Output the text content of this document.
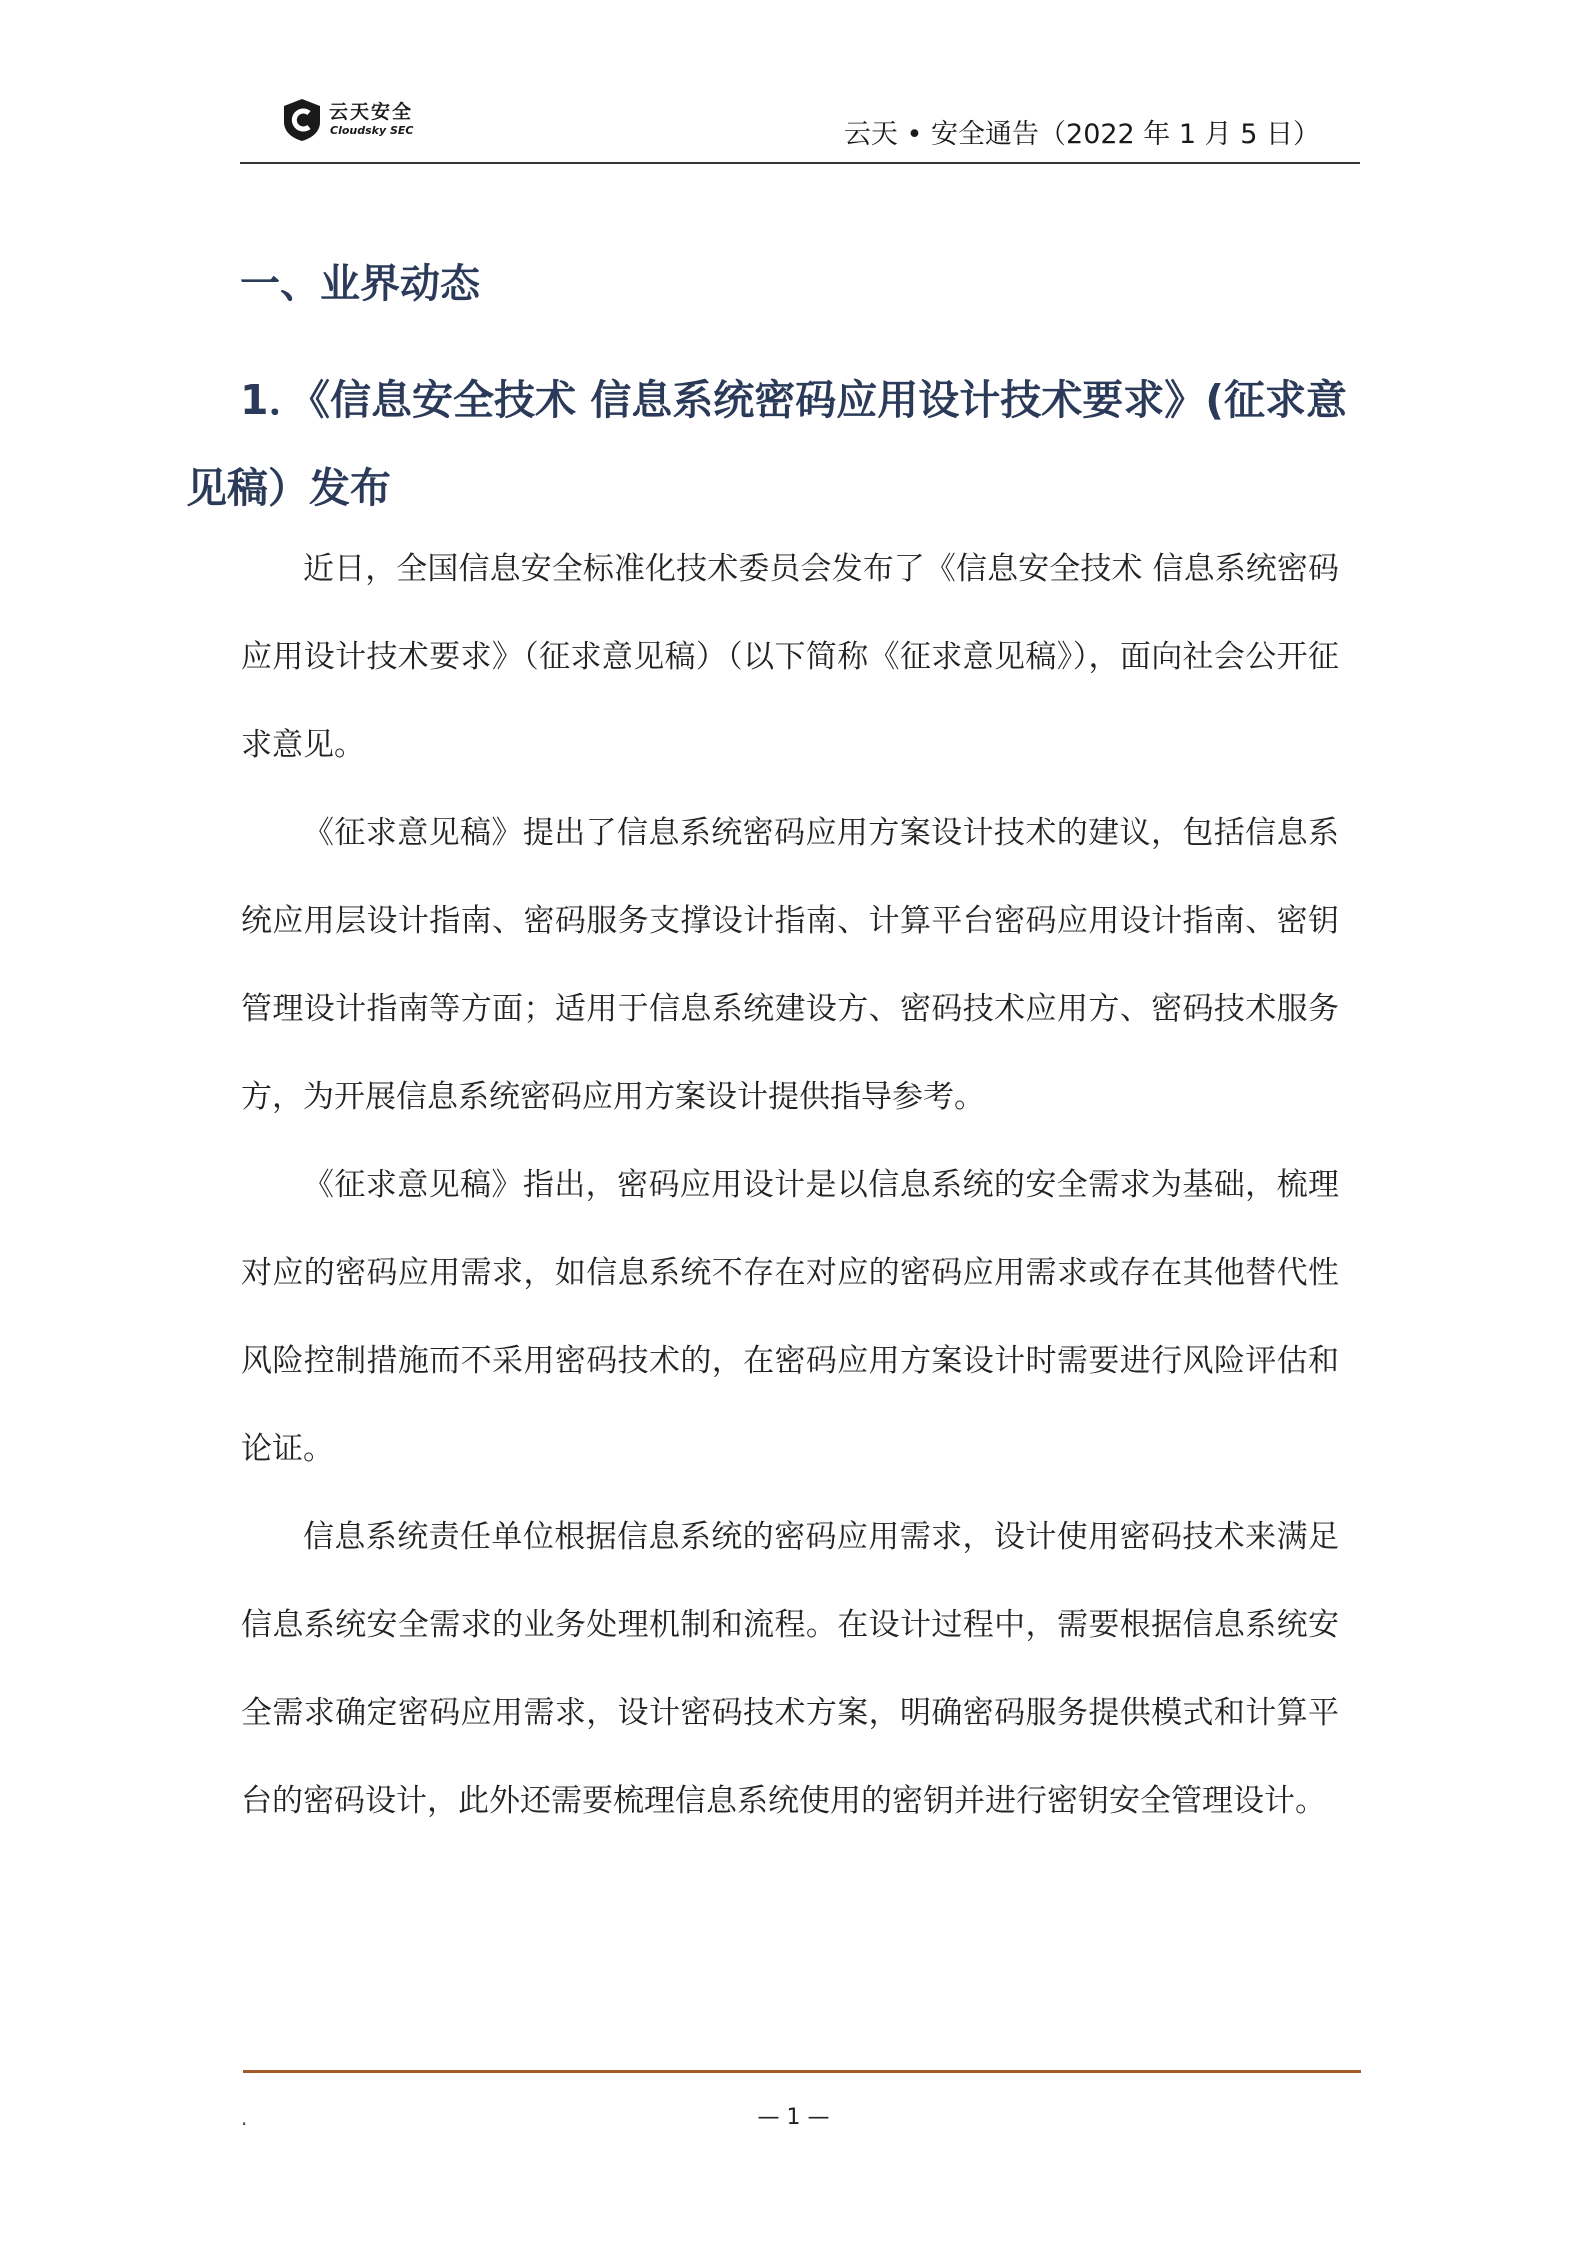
云天安全
Cloudsky SEC	云天 • 安全通告（2022 年 1 月 5 日）
一、业界动态
1．《信息安全技术 信息系统密码应用设计技术要求》(征求意见稿）发布

近日，全国信息安全标准化技术委员会发布了《信息安全技术 信息系统密码应用设计技术要求》（征求意见稿）（以下简称《征求意见稿》），面向社会公开征求意见。

《征求意见稿》提出了信息系统密码应用方案设计技术的建议，包括信息系统应用层设计指南、密码服务支撑设计指南、计算平台密码应用设计指南、密钥管理设计指南等方面；适用于信息系统建设方、密码技术应用方、密码技术服务方，为开展信息系统密码应用方案设计提供指导参考。

《征求意见稿》指出，密码应用设计是以信息系统的安全需求为基础，梳理对应的密码应用需求，如信息系统不存在对应的密码应用需求或存在其他替代性风险控制措施而不采用密码技术的，在密码应用方案设计时需要进行风险评估和论证。

信息系统责任单位根据信息系统的密码应用需求，设计使用密码技术来满足信息系统安全需求的业务处理机制和流程。在设计过程中，需要根据信息系统安全需求确定密码应用需求，设计密码技术方案，明确密码服务提供模式和计算平台的密码设计，此外还需要梳理信息系统使用的密钥并进行密钥安全管理设计。

.	— 1 —
